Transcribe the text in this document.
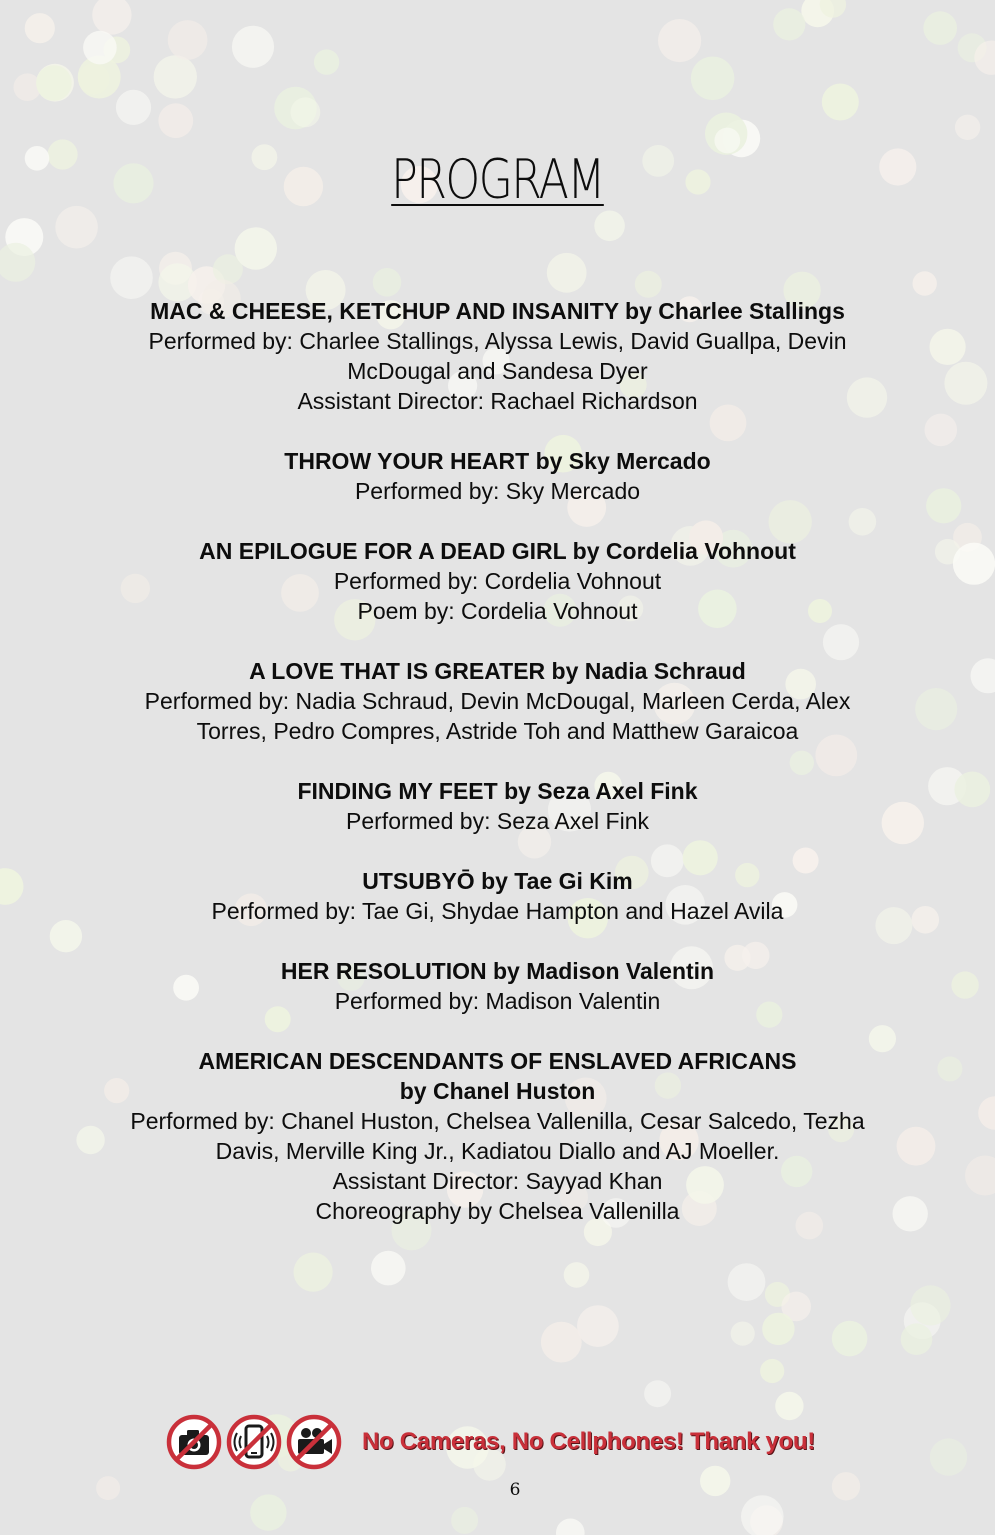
PROGRAM
MAC & CHEESE, KETCHUP AND INSANITY by Charlee Stallings
Performed by: Charlee Stallings, Alyssa Lewis, David Guallpa, Devin
McDougal and Sandesa Dyer
Assistant Director: Rachael Richardson
THROW YOUR HEART by Sky Mercado
Performed by: Sky Mercado
AN EPILOGUE FOR A DEAD GIRL by Cordelia Vohnout
Performed by: Cordelia Vohnout
Poem by: Cordelia Vohnout
A LOVE THAT IS GREATER by Nadia Schraud
Performed by: Nadia Schraud, Devin McDougal, Marleen Cerda, Alex
Torres, Pedro Compres, Astride Toh and Matthew Garaicoa
FINDING MY FEET by Seza Axel Fink
Performed by: Seza Axel Fink
UTSUBYŌ by Tae Gi Kim
Performed by: Tae Gi, Shydae Hampton and Hazel Avila
HER RESOLUTION by Madison Valentin
Performed by: Madison Valentin
AMERICAN DESCENDANTS OF ENSLAVED AFRICANS
by Chanel Huston
Performed by: Chanel Huston, Chelsea Vallenilla, Cesar Salcedo, Tezha
Davis, Merville King Jr., Kadiatou Diallo and AJ Moeller.
Assistant Director: Sayyad Khan
Choreography by Chelsea Vallenilla
No Cameras, No Cellphones! Thank you!
6
